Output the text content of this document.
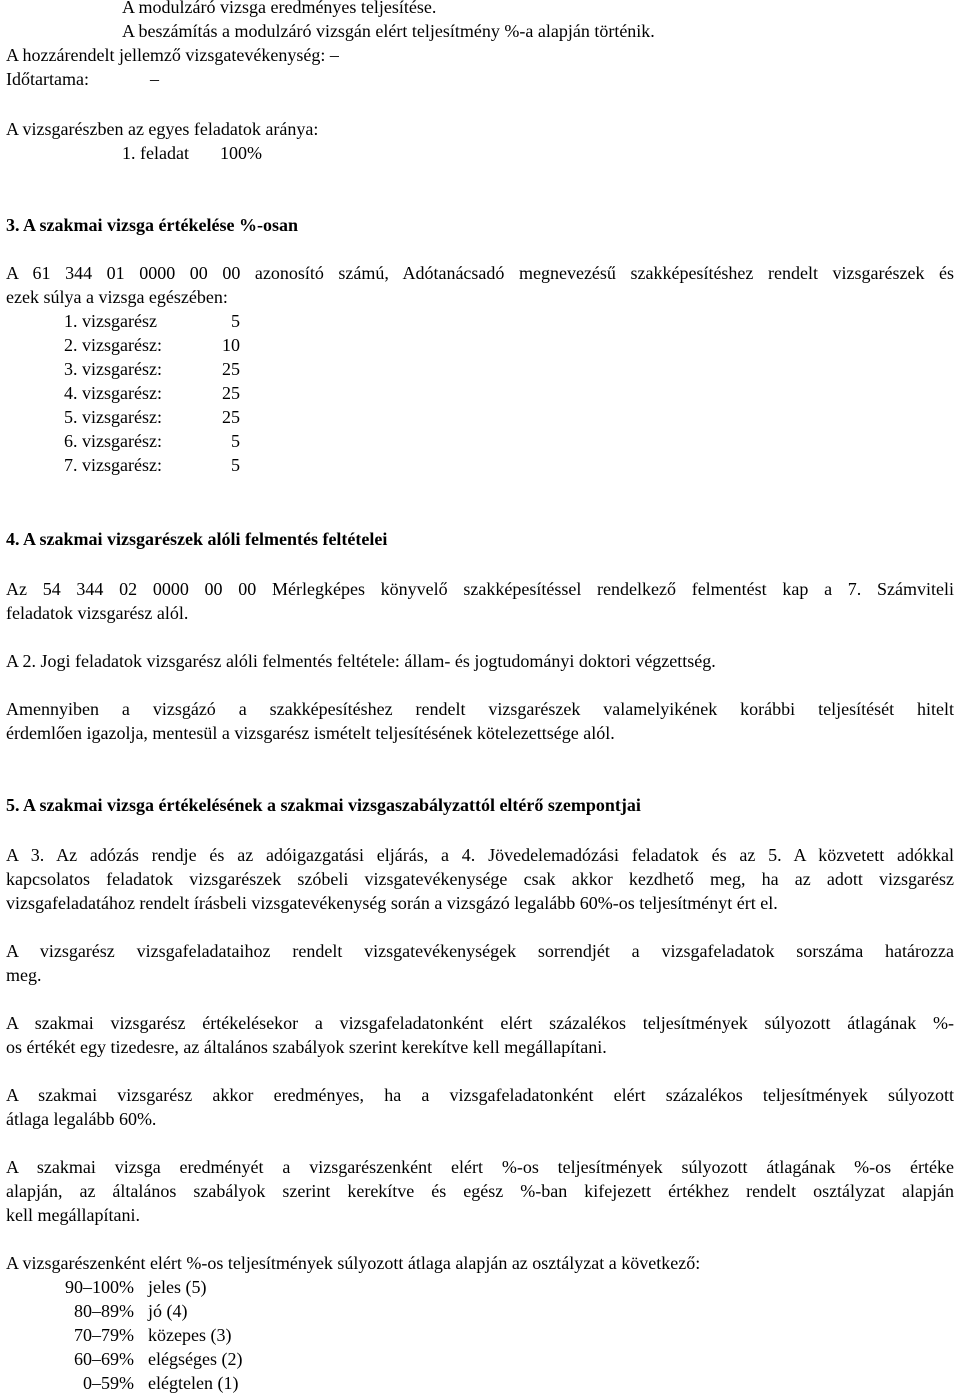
A modulzáró vizsga eredményes teljesítése.
A beszámítás a modulzáró vizsgán elért teljesítmény %-a alapján történik.
A hozzárendelt jellemző vizsgatevékenység: –
Időtartama:	–
A vizsgarészben az egyes feladatok aránya:
1. feladat 100%
3. A szakmai vizsga értékelése %-osan
A 61 344 01 0000 00 00 azonosító számú, Adótanácsadó megnevezésű szakképesítéshez rendelt vizsgarészek és
ezek súlya a vizsga egészében:
1. vizsgarész	5
2. vizsgarész:	10
3. vizsgarész:	25
4. vizsgarész:	25
5. vizsgarész:	25
6. vizsgarész:	5
7. vizsgarész:	5
4. A szakmai vizsgarészek alóli felmentés feltételei
Az 54 344 02 0000 00 00 Mérlegképes könyvelő szakképesítéssel rendelkező felmentést kap a 7. Számviteli
feladatok vizsgarész alól.
A 2. Jogi feladatok vizsgarész alóli felmentés feltétele: állam- és jogtudományi doktori végzettség.
Amennyiben a vizsgázó a szakképesítéshez rendelt vizsgarészek valamelyikének korábbi teljesítését hitelt
érdemlően igazolja, mentesül a vizsgarész ismételt teljesítésének kötelezettsége alól.
5. A szakmai vizsga értékelésének a szakmai vizsgaszabályzattól eltérő szempontjai
A 3. Az adózás rendje és az adóigazgatási eljárás, a 4. Jövedelemadózási feladatok és az 5. A közvetett adókkal
kapcsolatos feladatok vizsgarészek szóbeli vizsgatevékenysége csak akkor kezdhető meg, ha az adott vizsgarész
vizsgafeladatához rendelt írásbeli vizsgatevékenység során a vizsgázó legalább 60%-os teljesítményt ért el.
A vizsgarész vizsgafeladataihoz rendelt vizsgatevékenységek sorrendjét a vizsgafeladatok sorszáma határozza
meg.
A szakmai vizsgarész értékelésekor a vizsgafeladatonként elért százalékos teljesítmények súlyozott átlagának %-
os értékét egy tizedesre, az általános szabályok szerint kerekítve kell megállapítani.
A szakmai vizsgarész akkor eredményes, ha a vizsgafeladatonként elért százalékos teljesítmények súlyozott
átlaga legalább 60%.
A szakmai vizsga eredményét a vizsgarészenként elért %-os teljesítmények súlyozott átlagának %-os értéke
alapján, az általános szabályok szerint kerekítve és egész %-ban kifejezett értékhez rendelt osztályzat alapján
kell megállapítani.
A vizsgarészenként elért %-os teljesítmények súlyozott átlaga alapján az osztályzat a következő:
90–100% jeles (5)
80–89% jó (4)
70–79% közepes (3)
60–69% elégséges (2)
0–59% elégtelen (1)
